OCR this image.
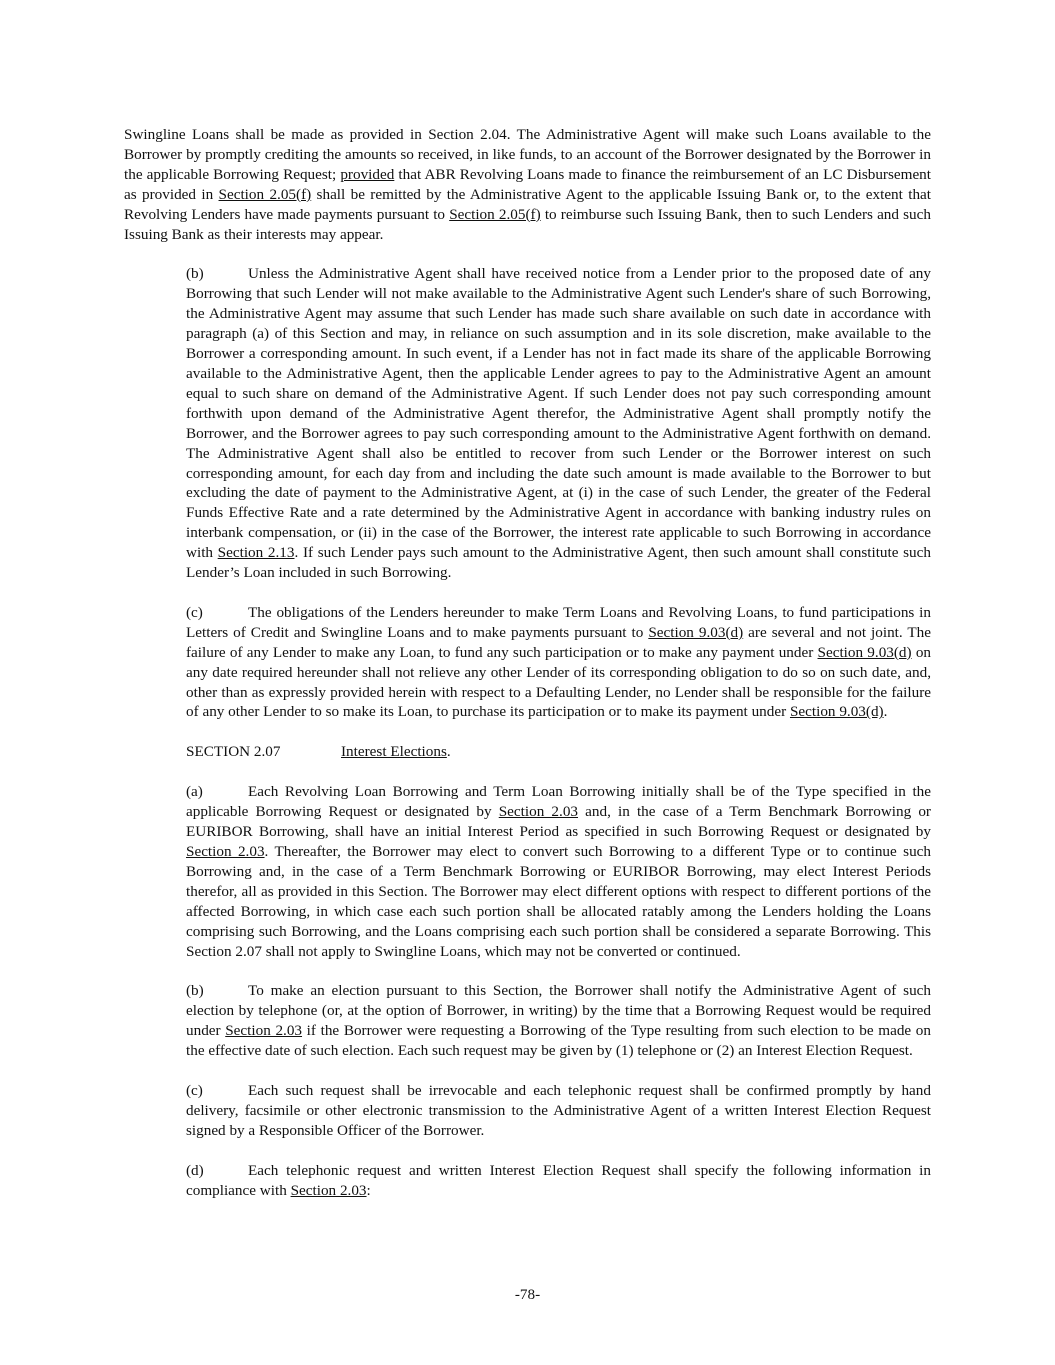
Swingline Loans shall be made as provided in Section 2.04. The Administrative Agent will make such Loans available to the Borrower by promptly crediting the amounts so received, in like funds, to an account of the Borrower designated by the Borrower in the applicable Borrowing Request; provided that ABR Revolving Loans made to finance the reimbursement of an LC Disbursement as provided in Section 2.05(f) shall be remitted by the Administrative Agent to the applicable Issuing Bank or, to the extent that Revolving Lenders have made payments pursuant to Section 2.05(f) to reimburse such Issuing Bank, then to such Lenders and such Issuing Bank as their interests may appear.

(b)	Unless the Administrative Agent shall have received notice from a Lender prior to the proposed date of any Borrowing that such Lender will not make available to the Administrative Agent such Lender's share of such Borrowing, the Administrative Agent may assume that such Lender has made such share available on such date in accordance with paragraph (a) of this Section and may, in reliance on such assumption and in its sole discretion, make available to the Borrower a corresponding amount. In such event, if a Lender has not in fact made its share of the applicable Borrowing available to the Administrative Agent, then the applicable Lender agrees to pay to the Administrative Agent an amount equal to such share on demand of the Administrative Agent. If such Lender does not pay such corresponding amount forthwith upon demand of the Administrative Agent therefor, the Administrative Agent shall promptly notify the Borrower, and the Borrower agrees to pay such corresponding amount to the Administrative Agent forthwith on demand. The Administrative Agent shall also be entitled to recover from such Lender or the Borrower interest on such corresponding amount, for each day from and including the date such amount is made available to the Borrower to but excluding the date of payment to the Administrative Agent, at (i) in the case of such Lender, the greater of the Federal Funds Effective Rate and a rate determined by the Administrative Agent in accordance with banking industry rules on interbank compensation, or (ii) in the case of the Borrower, the interest rate applicable to such Borrowing in accordance with Section 2.13. If such Lender pays such amount to the Administrative Agent, then such amount shall constitute such Lender’s Loan included in such Borrowing.

(c)	The obligations of the Lenders hereunder to make Term Loans and Revolving Loans, to fund participations in Letters of Credit and Swingline Loans and to make payments pursuant to Section 9.03(d) are several and not joint. The failure of any Lender to make any Loan, to fund any such participation or to make any payment under Section 9.03(d) on any date required hereunder shall not relieve any other Lender of its corresponding obligation to do so on such date, and, other than as expressly provided herein with respect to a Defaulting Lender, no Lender shall be responsible for the failure of any other Lender to so make its Loan, to purchase its participation or to make its payment under Section 9.03(d).

SECTION 2.07	Interest Elections.

(a)	Each Revolving Loan Borrowing and Term Loan Borrowing initially shall be of the Type specified in the applicable Borrowing Request or designated by Section 2.03 and, in the case of a Term Benchmark Borrowing or EURIBOR Borrowing, shall have an initial Interest Period as specified in such Borrowing Request or designated by Section 2.03. Thereafter, the Borrower may elect to convert such Borrowing to a different Type or to continue such Borrowing and, in the case of a Term Benchmark Borrowing or EURIBOR Borrowing, may elect Interest Periods therefor, all as provided in this Section. The Borrower may elect different options with respect to different portions of the affected Borrowing, in which case each such portion shall be allocated ratably among the Lenders holding the Loans comprising such Borrowing, and the Loans comprising each such portion shall be considered a separate Borrowing. This Section 2.07 shall not apply to Swingline Loans, which may not be converted or continued.

(b)	To make an election pursuant to this Section, the Borrower shall notify the Administrative Agent of such election by telephone (or, at the option of Borrower, in writing) by the time that a Borrowing Request would be required under Section 2.03 if the Borrower were requesting a Borrowing of the Type resulting from such election to be made on the effective date of such election. Each such request may be given by (1) telephone or (2) an Interest Election Request.

(c)	Each such request shall be irrevocable and each telephonic request shall be confirmed promptly by hand delivery, facsimile or other electronic transmission to the Administrative Agent of a written Interest Election Request signed by a Responsible Officer of the Borrower.

(d)	Each telephonic request and written Interest Election Request shall specify the following information in compliance with Section 2.03:

-78-
